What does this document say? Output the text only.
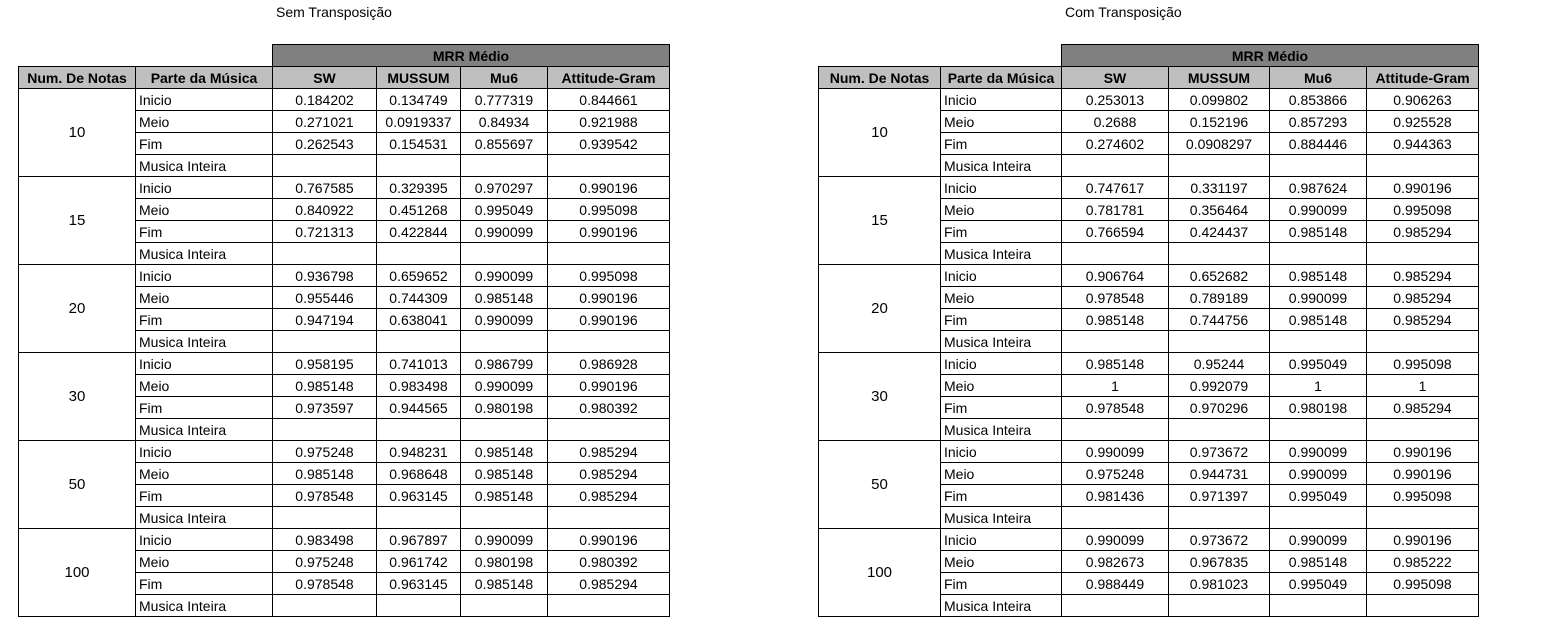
Sem Transposição	Com Transposição
		MRR Médio			
Num. De Notas	Parte da Música	SW	MUSSUM	Mu6	Attitude-Gram
10	Inicio	0.184202	0.134749	0.777319	0.844661
	Meio	0.271021	0.0919337	0.84934	0.921988
	Fim	0.262543	0.154531	0.855697	0.939542
	Musica Inteira				
15	Inicio	0.767585	0.329395	0.970297	0.990196
	Meio	0.840922	0.451268	0.995049	0.995098
	Fim	0.721313	0.422844	0.990099	0.990196
	Musica Inteira				
20	Inicio	0.936798	0.659652	0.990099	0.995098
	Meio	0.955446	0.744309	0.985148	0.990196
	Fim	0.947194	0.638041	0.990099	0.990196
	Musica Inteira				
30	Inicio	0.958195	0.741013	0.986799	0.986928
	Meio	0.985148	0.983498	0.990099	0.990196
	Fim	0.973597	0.944565	0.980198	0.980392
	Musica Inteira				
50	Inicio	0.975248	0.948231	0.985148	0.985294
	Meio	0.985148	0.968648	0.985148	0.985294
	Fim	0.978548	0.963145	0.985148	0.985294
	Musica Inteira				
100	Inicio	0.983498	0.967897	0.990099	0.990196
	Meio	0.975248	0.961742	0.980198	0.980392
	Fim	0.978548	0.963145	0.985148	0.985294
	Musica Inteira				
		MRR Médio			
Num. De Notas	Parte da Música	SW	MUSSUM	Mu6	Attitude-Gram
10	Inicio	0.253013	0.099802	0.853866	0.906263
	Meio	0.2688	0.152196	0.857293	0.925528
	Fim	0.274602	0.0908297	0.884446	0.944363
	Musica Inteira				
15	Inicio	0.747617	0.331197	0.987624	0.990196
	Meio	0.781781	0.356464	0.990099	0.995098
	Fim	0.766594	0.424437	0.985148	0.985294
	Musica Inteira				
20	Inicio	0.906764	0.652682	0.985148	0.985294
	Meio	0.978548	0.789189	0.990099	0.985294
	Fim	0.985148	0.744756	0.985148	0.985294
	Musica Inteira				
30	Inicio	0.985148	0.95244	0.995049	0.995098
	Meio	1	0.992079	1	1
	Fim	0.978548	0.970296	0.980198	0.985294
	Musica Inteira				
50	Inicio	0.990099	0.973672	0.990099	0.990196
	Meio	0.975248	0.944731	0.990099	0.990196
	Fim	0.981436	0.971397	0.995049	0.995098
	Musica Inteira				
100	Inicio	0.990099	0.973672	0.990099	0.990196
	Meio	0.982673	0.967835	0.985148	0.985222
	Fim	0.988449	0.981023	0.995049	0.995098
	Musica Inteira				
